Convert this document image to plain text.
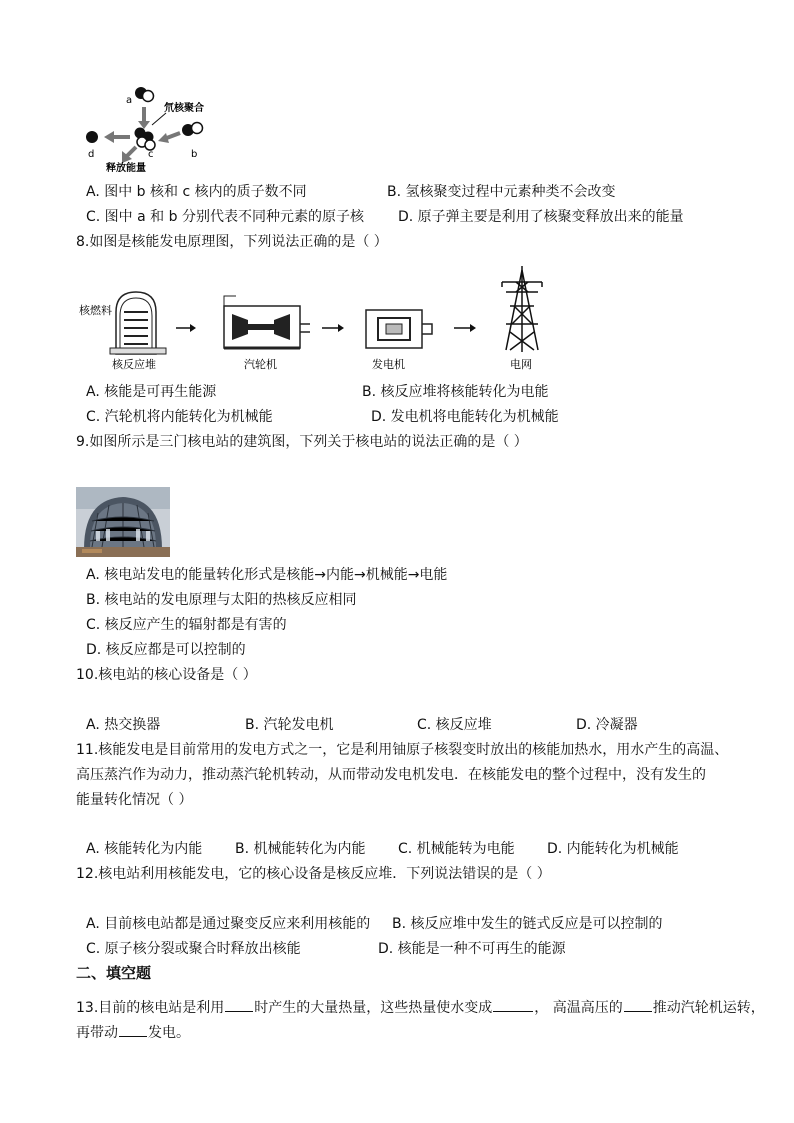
a
c	b
d
氘核聚合
释放能量
A. 图中 b 核和 c 核内的质子数不同	B. 氢核聚变过程中元素种类不会改变
C. 图中 a 和 b 分别代表不同种元素的原子核 D. 原子弹主要是利用了核聚变释放出来的能量
8.如图是核能发电原理图，下列说法正确的是（ ）
核燃料
核反应堆	汽轮机	发电机	电网
A. 核能是可再生能源	B. 核反应堆将核能转化为电能
C. 汽轮机将内能转化为机械能	D. 发电机将电能转化为机械能
9.如图所示是三门核电站的建筑图，下列关于核电站的说法正确的是（ ）
A. 核电站发电的能量转化形式是核能→内能→机械能→电能
B. 核电站的发电原理与太阳的热核反应相同
C. 核反应产生的辐射都是有害的
D. 核反应都是可以控制的
10.核电站的核心设备是（ ）
A. 热交换器	B. 汽轮发电机	C. 核反应堆	D. 冷凝器
11.核能发电是目前常用的发电方式之一，它是利用铀原子核裂变时放出的核能加热水，用水产生的高温、
高压蒸汽作为动力，推动蒸汽轮机转动，从而带动发电机发电．在核能发电的整个过程中，没有发生的
能量转化情况（ ）
A. 核能转化为内能 B. 机械能转化为内能 C. 机械能转为电能 D. 内能转化为机械能
12.核电站利用核能发电，它的核心设备是核反应堆．下列说法错误的是（ ）
A. 目前核电站都是通过聚变反应来利用核能的 B. 核反应堆中发生的链式反应是可以控制的
C. 原子核分裂或聚合时释放出核能	D. 核能是一种不可再生的能源
二、填空题
13.目前的核电站是利用 时产生的大量热量，这些热量使水变成	， 高温高压的 推动汽轮机运转，
再带动 发电。
